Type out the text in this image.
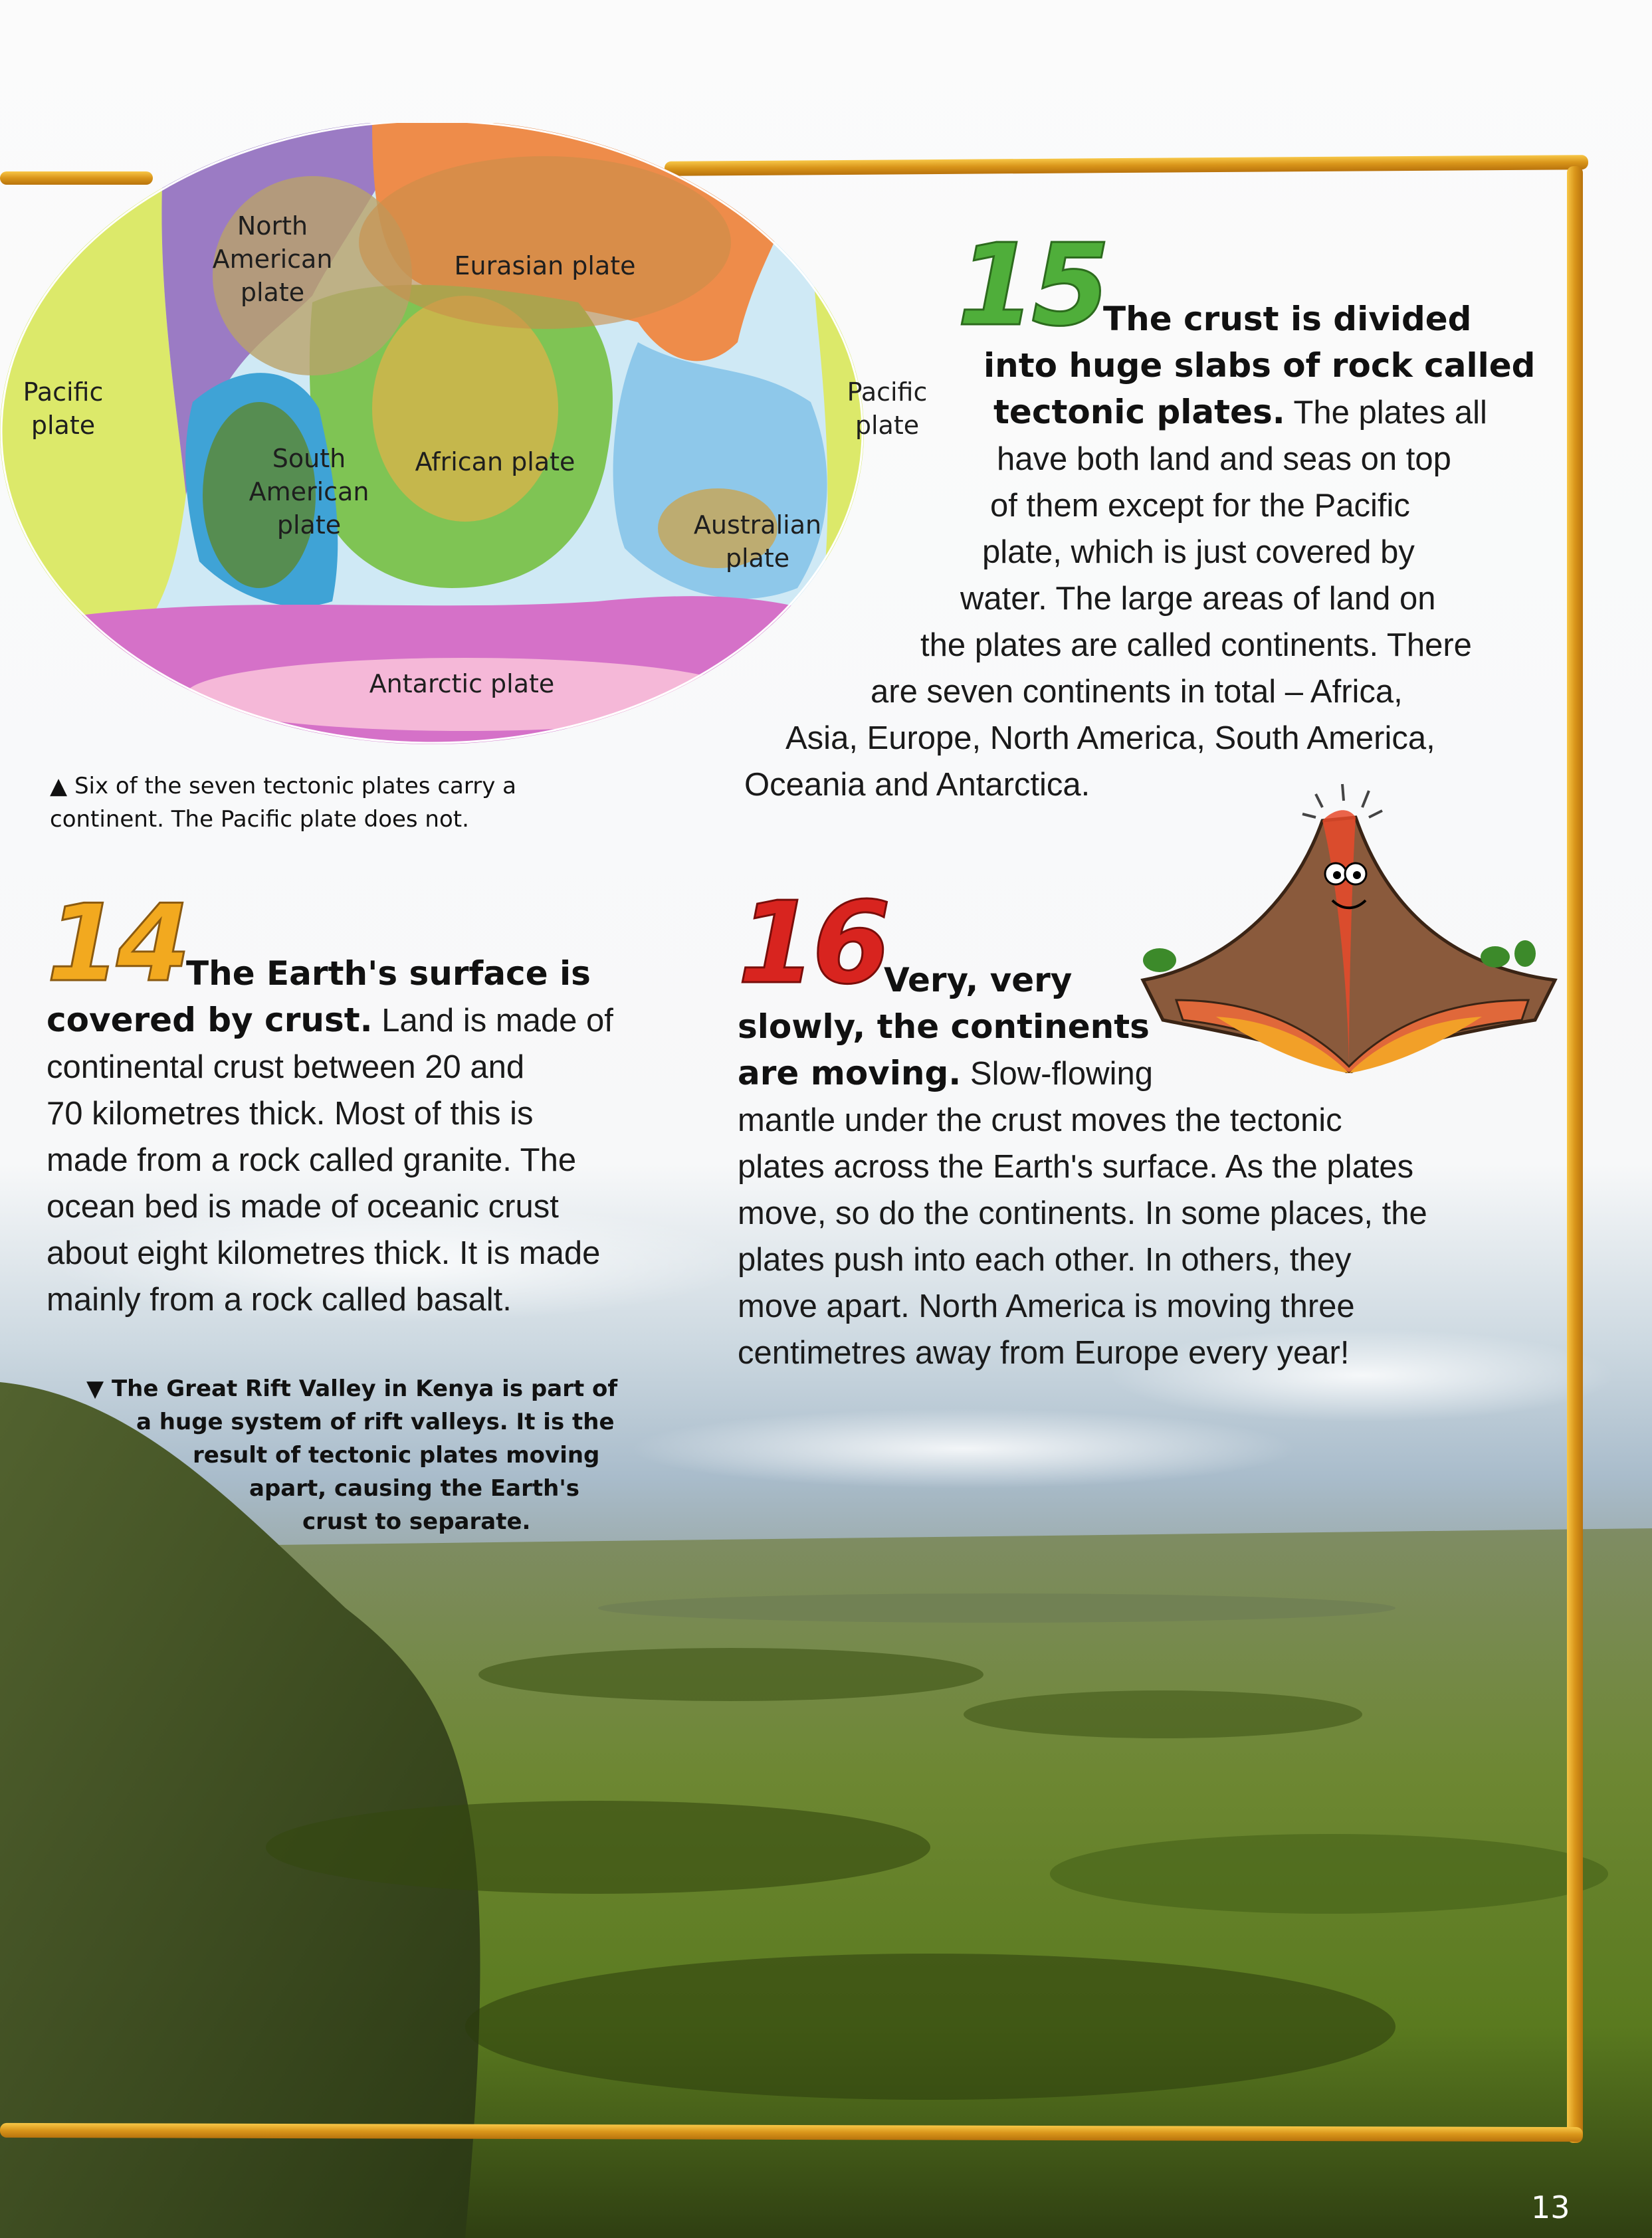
North
American
plate
Eurasian plate
Pacific
plate
Pacific
plate
South
American
plate
African plate
Australian
plate
Antarctic plate
▲ Six of the seven tectonic plates carry a
continent. The Pacific plate does not.
15
The crust is divided
into huge slabs of rock called
tectonic plates. The plates all
have both land and seas on top
of them except for the Pacific
plate, which is just covered by
water. The large areas of land on
the plates are called continents. There
are seven continents in total – Africa,
Asia, Europe, North America, South America,
Oceania and Antarctica.
14 The Earth's surface is
covered by crust. Land is made of
continental crust between 20 and
70 kilometres thick. Most of this is
made from a rock called granite. The
ocean bed is made of oceanic crust
about eight kilometres thick. It is made
mainly from a rock called basalt.
▼ The Great Rift Valley in Kenya is part of
a huge system of rift valleys. It is the
result of tectonic plates moving
apart, causing the Earth's
crust to separate.
16
Very, very
slowly, the continents
are moving. Slow-flowing
mantle under the crust moves the tectonic
plates across the Earth's surface. As the plates
move, so do the continents. In some places, the
plates push into each other. In others, they
move apart. North America is moving three
centimetres away from Europe every year!
13
